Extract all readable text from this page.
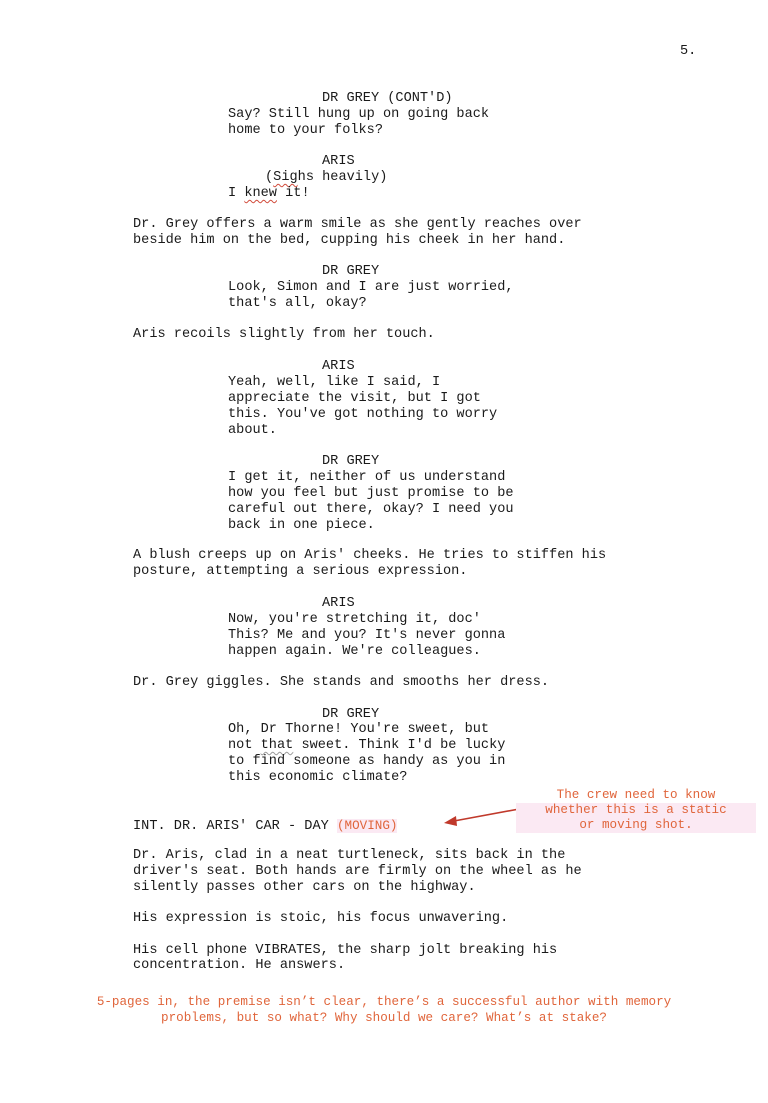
5.
DR GREY (CONT'D)
Say? Still hung up on going back
home to your folks?
ARIS
(Sighs heavily)
I knew it!
Dr. Grey offers a warm smile as she gently reaches over
beside him on the bed, cupping his cheek in her hand.
DR GREY
Look, Simon and I are just worried,
that's all, okay?
Aris recoils slightly from her touch.
ARIS
Yeah, well, like I said, I
appreciate the visit, but I got
this. You've got nothing to worry
about.
DR GREY
I get it, neither of us understand
how you feel but just promise to be
careful out there, okay? I need you
back in one piece.
A blush creeps up on Aris' cheeks. He tries to stiffen his
posture, attempting a serious expression.
ARIS
Now, you're stretching it, doc'
This? Me and you? It's never gonna
happen again. We're colleagues.
Dr. Grey giggles. She stands and smooths her dress.
DR GREY
Oh, Dr Thorne! You're sweet, but
not that sweet. Think I'd be lucky
to find someone as handy as you in
this economic climate?
INT. DR. ARIS' CAR - DAY (MOVING)
The crew need to know
whether this is a static
or moving shot.
Dr. Aris, clad in a neat turtleneck, sits back in the
driver's seat. Both hands are firmly on the wheel as he
silently passes other cars on the highway.
His expression is stoic, his focus unwavering.
His cell phone VIBRATES, the sharp jolt breaking his
concentration. He answers.
5-pages in, the premise isn’t clear, there’s a successful author with memory
problems, but so what? Why should we care? What’s at stake?
